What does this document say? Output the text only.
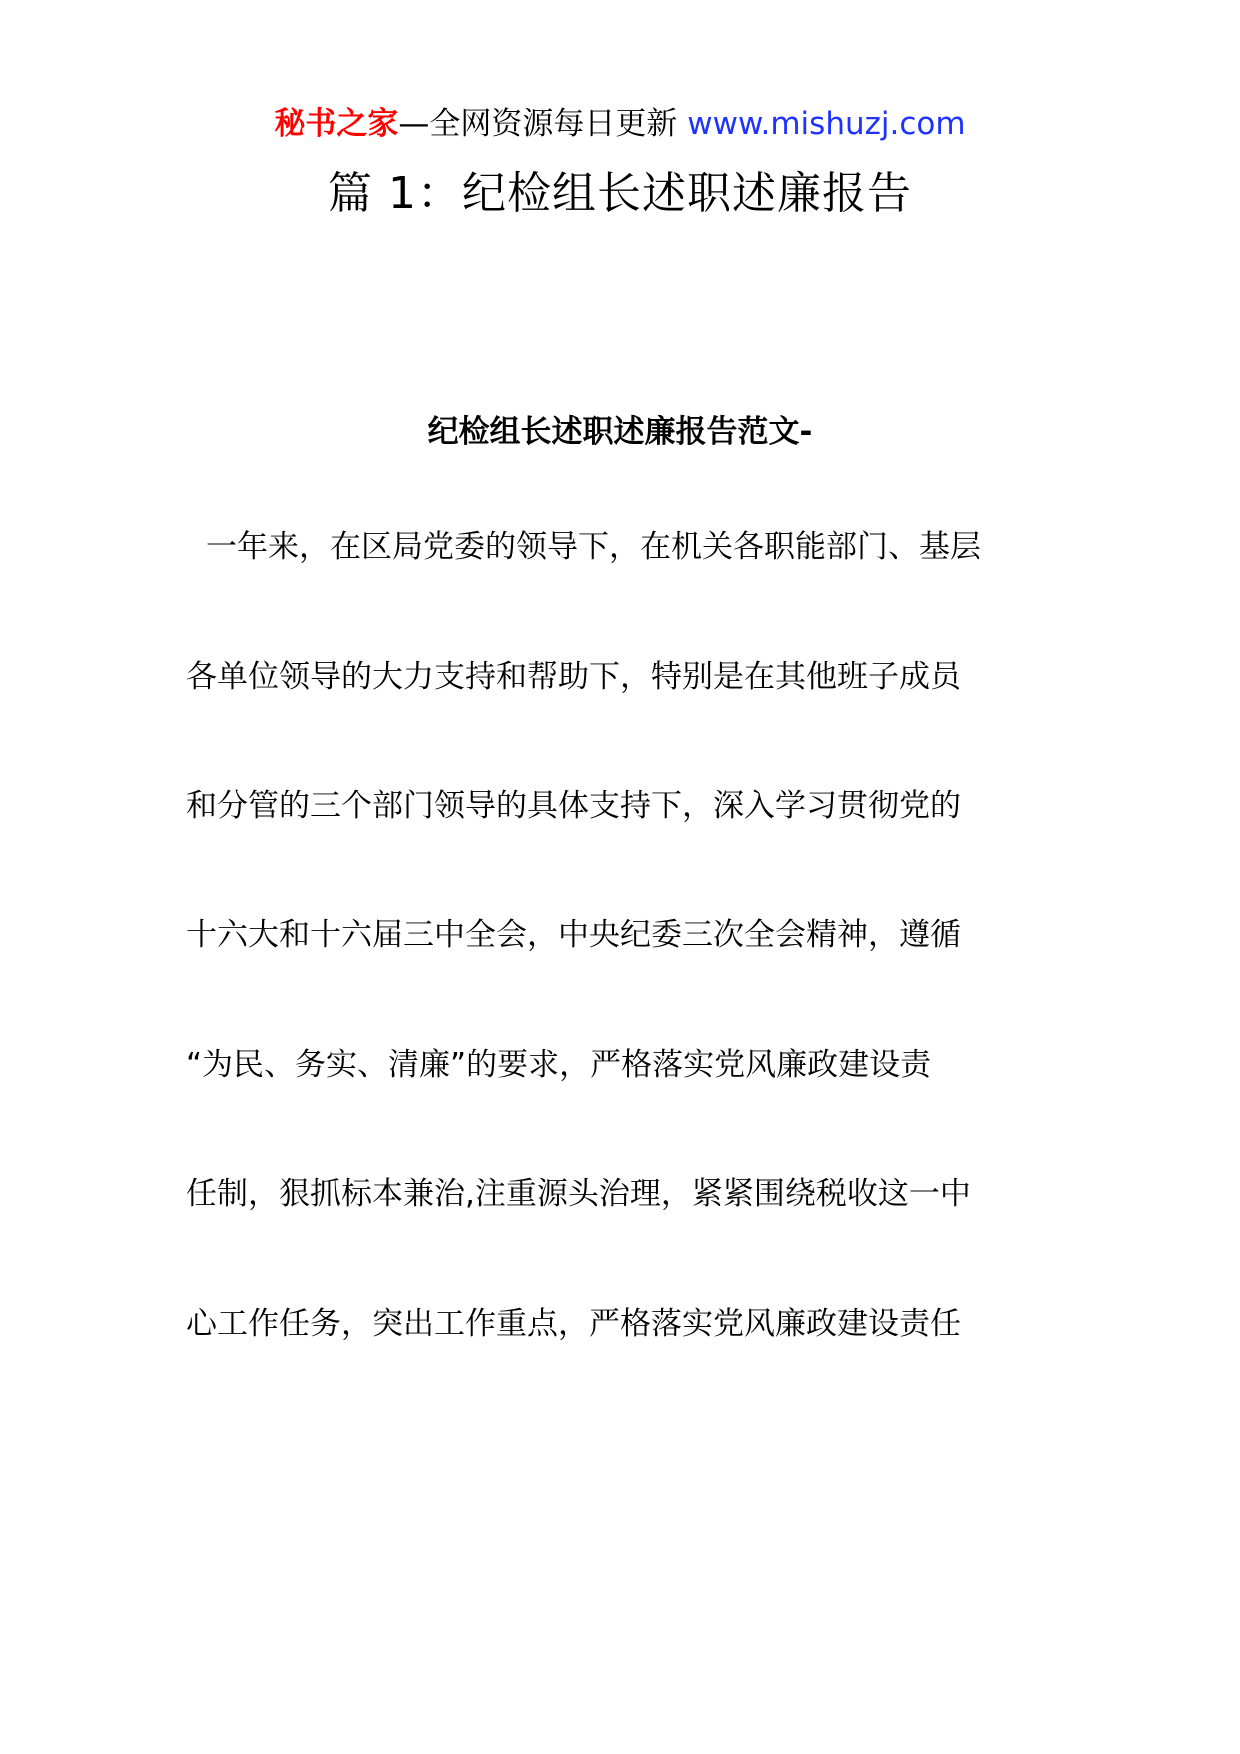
秘书之家—全网资源每日更新 www.mishuzj.com
篇 1：纪检组长述职述廉报告
纪检组长述职述廉报告范文-
一年来，在区局党委的领导下，在机关各职能部门、基层
各单位领导的大力支持和帮助下，特别是在其他班子成员
和分管的三个部门领导的具体支持下，深入学习贯彻党的
十六大和十六届三中全会，中央纪委三次全会精神，遵循
“为民、务实、清廉”的要求，严格落实党风廉政建设责
任制，狠抓标本兼治,注重源头治理，紧紧围绕税收这一中
心工作任务，突出工作重点，严格落实党风廉政建设责任
